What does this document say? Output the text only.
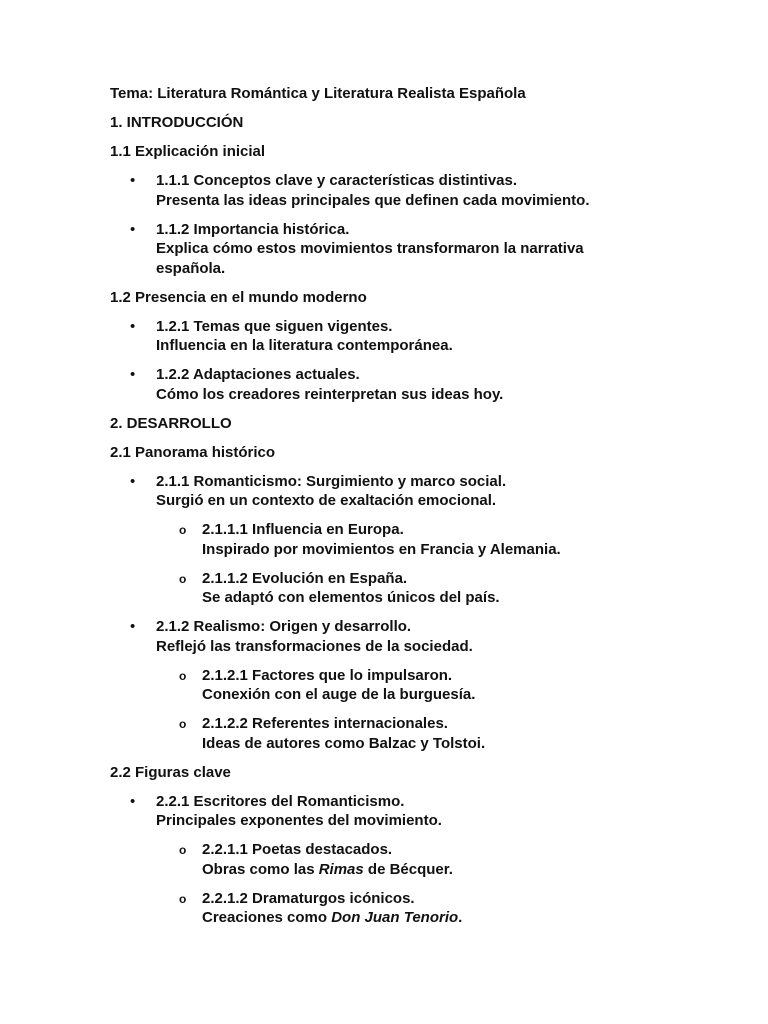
Tema: Literatura Romántica y Literatura Realista Española
1. INTRODUCCIÓN
1.1 Explicación inicial
• 1.1.1 Conceptos clave y características distintivas.
Presenta las ideas principales que definen cada movimiento.
• 1.1.2 Importancia histórica.
Explica cómo estos movimientos transformaron la narrativa
española.
1.2 Presencia en el mundo moderno
• 1.2.1 Temas que siguen vigentes.
Influencia en la literatura contemporánea.
• 1.2.2 Adaptaciones actuales.
Cómo los creadores reinterpretan sus ideas hoy.
2. DESARROLLO
2.1 Panorama histórico
• 2.1.1 Romanticismo: Surgimiento y marco social.
Surgió en un contexto de exaltación emocional.
o 2.1.1.1 Influencia en Europa.
Inspirado por movimientos en Francia y Alemania.
o 2.1.1.2 Evolución en España.
Se adaptó con elementos únicos del país.
• 2.1.2 Realismo: Origen y desarrollo.
Reflejó las transformaciones de la sociedad.
o 2.1.2.1 Factores que lo impulsaron.
Conexión con el auge de la burguesía.
o 2.1.2.2 Referentes internacionales.
Ideas de autores como Balzac y Tolstoi.
2.2 Figuras clave
• 2.2.1 Escritores del Romanticismo.
Principales exponentes del movimiento.
o 2.2.1.1 Poetas destacados.
Obras como las Rimas de Bécquer.
o 2.2.1.2 Dramaturgos icónicos.
Creaciones como Don Juan Tenorio.
